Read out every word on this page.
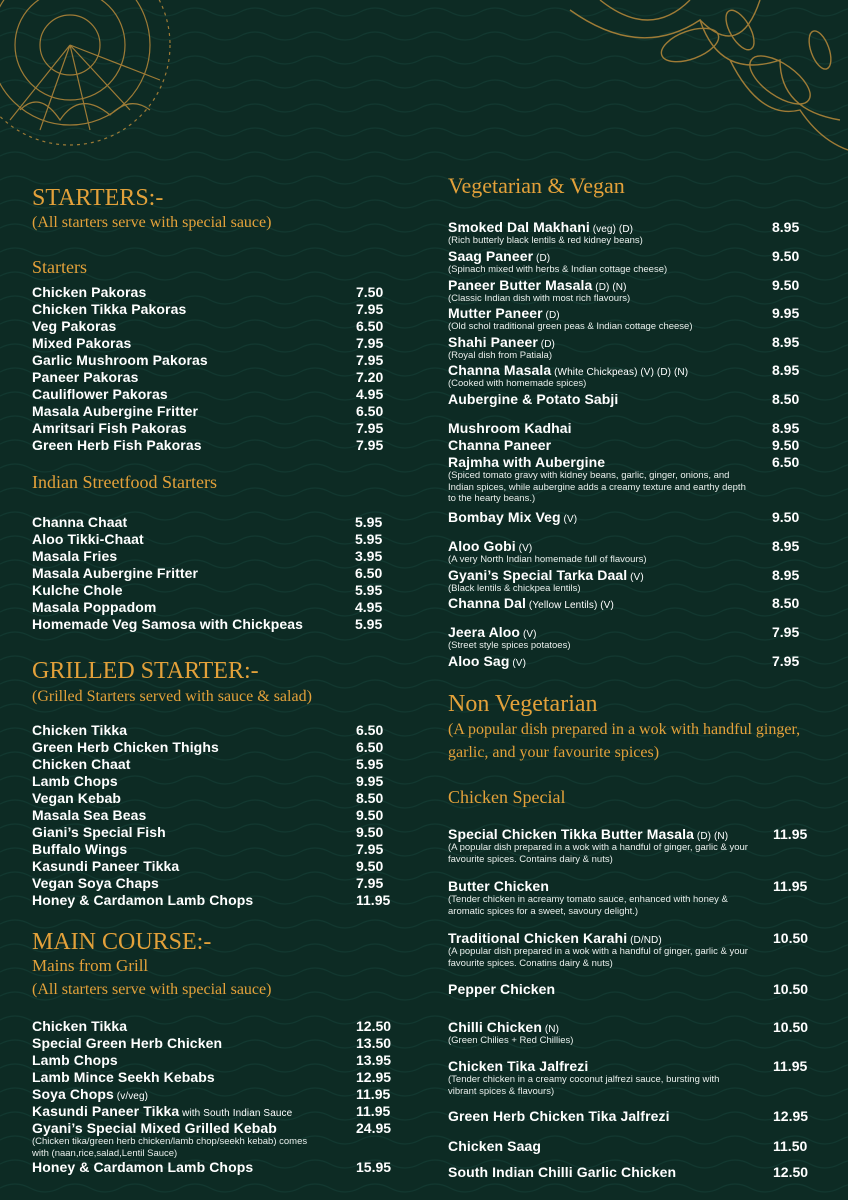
STARTERS:-
(All starters serve with special sauce)
Starters
Chicken Pakoras	7.50
Chicken Tikka Pakoras	7.95
Veg Pakoras	6.50
Mixed Pakoras	7.95
Garlic Mushroom Pakoras	7.95
Paneer Pakoras	7.20
Cauliflower Pakoras	4.95
Masala Aubergine Fritter	6.50
Amritsari Fish Pakoras	7.95
Green Herb Fish Pakoras	7.95
Indian Streetfood Starters
Channa Chaat	5.95
Aloo Tikki-Chaat	5.95
Masala Fries	3.95
Masala Aubergine Fritter	6.50
Kulche Chole	5.95
Masala Poppadom	4.95
Homemade Veg Samosa with Chickpeas	5.95
GRILLED STARTER:-
(Grilled Starters served with sauce & salad)
Chicken Tikka	6.50
Green Herb Chicken Thighs	6.50
Chicken Chaat	5.95
Lamb Chops	9.95
Vegan Kebab	8.50
Masala Sea Beas	9.50
Giani’s Special Fish	9.50
Buffalo Wings	7.95
Kasundi Paneer Tikka	9.50
Vegan Soya Chaps	7.95
Honey & Cardamon Lamb Chops	11.95
MAIN COURSE:-
Mains from Grill
(All starters serve with special sauce)
Chicken Tikka	12.50
Special Green Herb Chicken	13.50
Lamb Chops	13.95
Lamb Mince Seekh Kebabs	12.95
Soya Chops (v/veg)	11.95
Kasundi Paneer Tikka with South Indian Sauce	11.95
Gyani’s Special Mixed Grilled Kebab	24.95
(Chicken tika/green herb chicken/lamb chop/seekh kebab) comes with (naan,rice,salad,Lentil Sauce)
Honey & Cardamon Lamb Chops	15.95
Vegetarian & Vegan
Smoked Dal Makhani (veg) (D)	8.95
(Rich butterly black lentils & red kidney beans)
Saag Paneer (D)	9.50
(Spinach mixed with herbs & Indian cottage cheese)
Paneer Butter Masala (D) (N)	9.50
(Classic Indian dish with most rich flavours)
Mutter Paneer (D)	9.95
(Old schol traditional green peas & Indian cottage cheese)
Shahi Paneer (D)	8.95
(Royal dish from Patiala)
Channa Masala (White Chickpeas) (V) (D) (N)	8.95
(Cooked with homemade spices)
Aubergine & Potato Sabji	8.50
Mushroom Kadhai	8.95
Channa Paneer	9.50
Rajmha with Aubergine	6.50
(Spiced tomato gravy with kidney beans, garlic, ginger, onions, and Indian spices, while aubergine adds a creamy texture and earthy depth to the hearty beans.)
Bombay Mix Veg (V)	9.50
Aloo Gobi (V)	8.95
(A very North Indian homemade full of flavours)
Gyani’s Special Tarka Daal (V)	8.95
(Black lentils & chickpea lentils)
Channa Dal (Yellow Lentils) (V)	8.50
Jeera Aloo (V)	7.95
(Street style spices potatoes)
Aloo Sag (V)	7.95
Non Vegetarian
(A popular dish prepared in a wok with handful ginger, garlic, and your favourite spices)
Chicken Special
Special Chicken Tikka Butter Masala (D) (N)	11.95
(A popular dish prepared in a wok with a handful of ginger, garlic & your favourite spices. Contains dairy & nuts)
Butter Chicken	11.95
(Tender chicken in acreamy tomato sauce, enhanced with honey & aromatic spices for a sweet, savoury delight.)
Traditional Chicken Karahi (D/ND)	10.50
(A popular dish prepared in a wok with a handful of ginger, garlic & your favourite spices. Conatins dairy & nuts)
Pepper Chicken	10.50
Chilli Chicken (N)	10.50
(Green Chilies + Red Chillies)
Chicken Tika Jalfrezi	11.95
(Tender chicken in a creamy coconut jalfrezi sauce, bursting with vibrant spices & flavours)
Green Herb Chicken Tika Jalfrezi	12.95
Chicken Saag	11.50
South Indian Chilli Garlic Chicken	12.50
